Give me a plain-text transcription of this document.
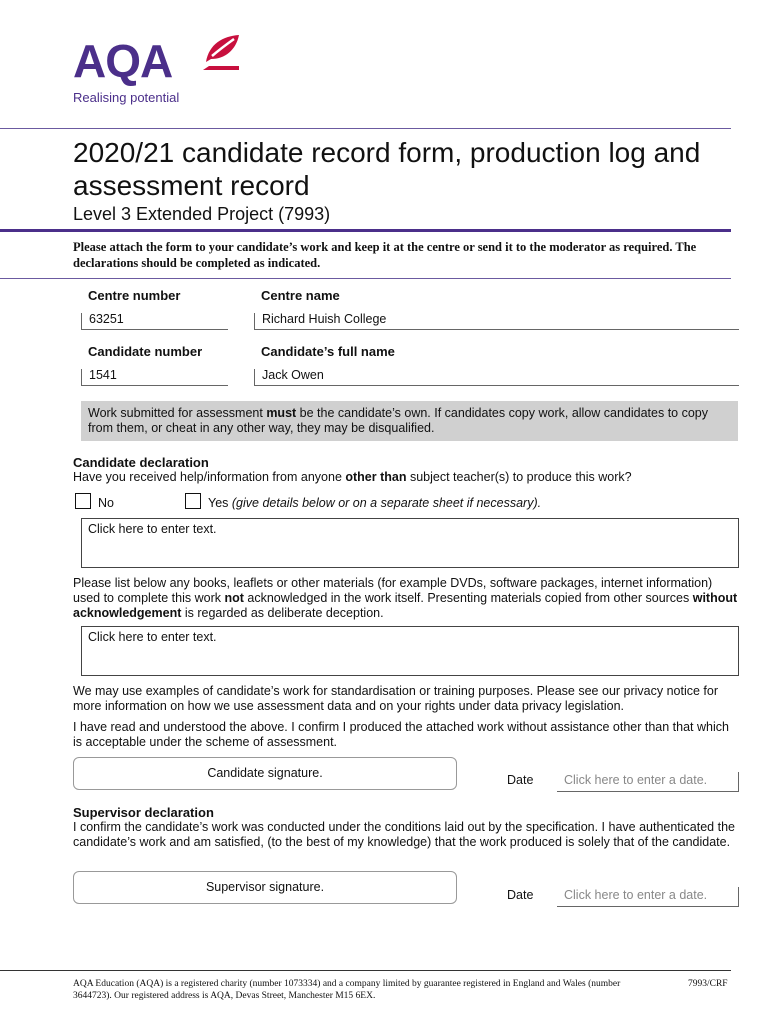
AQA
Realising potential
2020/21 candidate record form, production log and assessment record
Level 3 Extended Project (7993)
Please attach the form to your candidate’s work and keep it at the centre or send it to the moderator as required. The declarations should be completed as indicated.
Centre number
63251
Centre name
Richard Huish College
Candidate number
1541
Candidate’s full name
Jack Owen
Work submitted for assessment must be the candidate’s own. If candidates copy work, allow candidates to copy from them, or cheat in any other way, they may be disqualified.
Candidate declaration
Have you received help/information from anyone other than subject teacher(s) to produce this work?
No	Yes (give details below or on a separate sheet if necessary).
Click here to enter text.
Please list below any books, leaflets or other materials (for example DVDs, software packages, internet information) used to complete this work not acknowledged in the work itself. Presenting materials copied from other sources without acknowledgement is regarded as deliberate deception.
Click here to enter text.
We may use examples of candidate’s work for standardisation or training purposes. Please see our privacy notice for more information on how we use assessment data and on your rights under data privacy legislation.
I have read and understood the above. I confirm I produced the attached work without assistance other than that which is acceptable under the scheme of assessment.
Candidate signature.	Date	Click here to enter a date.
Supervisor declaration
I confirm the candidate’s work was conducted under the conditions laid out by the specification. I have authenticated the candidate’s work and am satisfied, (to the best of my knowledge) that the work produced is solely that of the candidate.
Supervisor signature.
Date	Click here to enter a date.
AQA Education (AQA) is a registered charity (number 1073334) and a company limited by guarantee registered in England and Wales (number 3644723). Our registered address is AQA, Devas Street, Manchester M15 6EX.
7993/CRF
